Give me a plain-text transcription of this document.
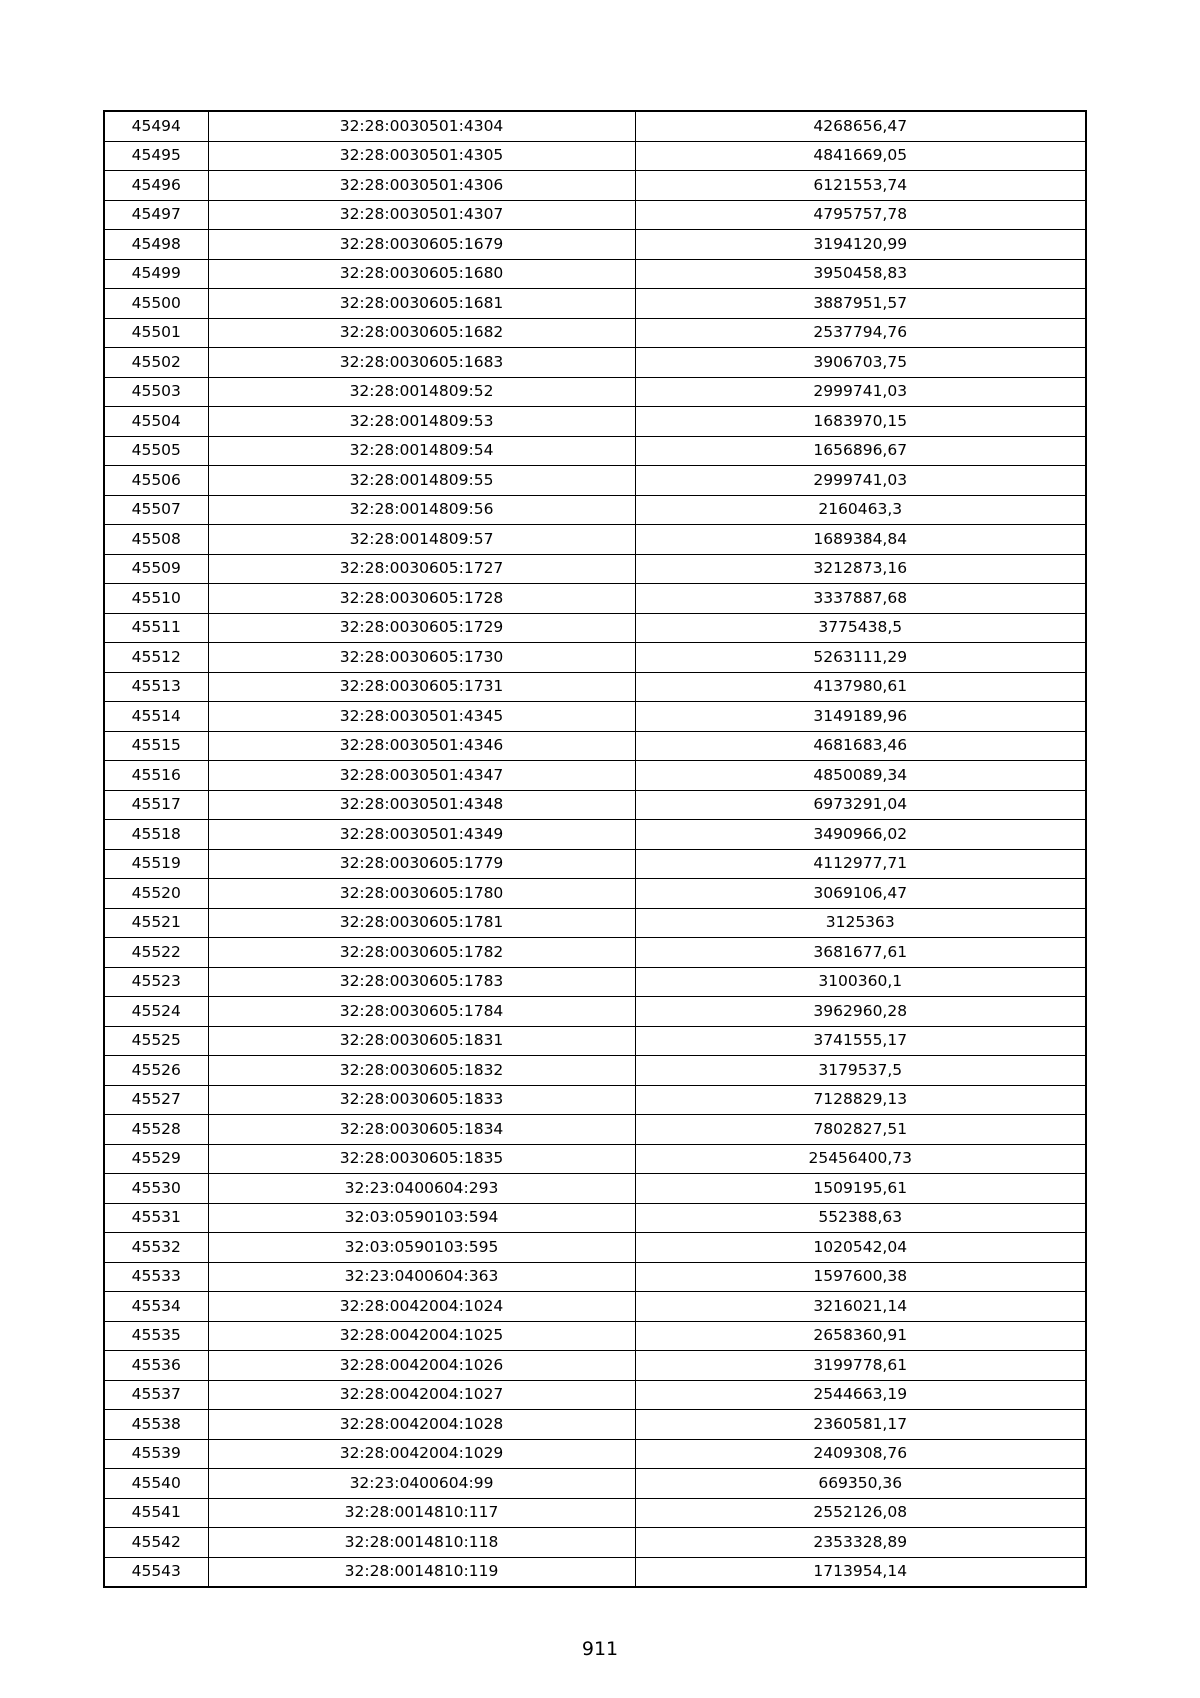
45494	32:28:0030501:4304	4268656,47
45495	32:28:0030501:4305	4841669,05
45496	32:28:0030501:4306	6121553,74
45497	32:28:0030501:4307	4795757,78
45498	32:28:0030605:1679	3194120,99
45499	32:28:0030605:1680	3950458,83
45500	32:28:0030605:1681	3887951,57
45501	32:28:0030605:1682	2537794,76
45502	32:28:0030605:1683	3906703,75
45503	32:28:0014809:52	2999741,03
45504	32:28:0014809:53	1683970,15
45505	32:28:0014809:54	1656896,67
45506	32:28:0014809:55	2999741,03
45507	32:28:0014809:56	2160463,3
45508	32:28:0014809:57	1689384,84
45509	32:28:0030605:1727	3212873,16
45510	32:28:0030605:1728	3337887,68
45511	32:28:0030605:1729	3775438,5
45512	32:28:0030605:1730	5263111,29
45513	32:28:0030605:1731	4137980,61
45514	32:28:0030501:4345	3149189,96
45515	32:28:0030501:4346	4681683,46
45516	32:28:0030501:4347	4850089,34
45517	32:28:0030501:4348	6973291,04
45518	32:28:0030501:4349	3490966,02
45519	32:28:0030605:1779	4112977,71
45520	32:28:0030605:1780	3069106,47
45521	32:28:0030605:1781	3125363
45522	32:28:0030605:1782	3681677,61
45523	32:28:0030605:1783	3100360,1
45524	32:28:0030605:1784	3962960,28
45525	32:28:0030605:1831	3741555,17
45526	32:28:0030605:1832	3179537,5
45527	32:28:0030605:1833	7128829,13
45528	32:28:0030605:1834	7802827,51
45529	32:28:0030605:1835	25456400,73
45530	32:23:0400604:293	1509195,61
45531	32:03:0590103:594	552388,63
45532	32:03:0590103:595	1020542,04
45533	32:23:0400604:363	1597600,38
45534	32:28:0042004:1024	3216021,14
45535	32:28:0042004:1025	2658360,91
45536	32:28:0042004:1026	3199778,61
45537	32:28:0042004:1027	2544663,19
45538	32:28:0042004:1028	2360581,17
45539	32:28:0042004:1029	2409308,76
45540	32:23:0400604:99	669350,36
45541	32:28:0014810:117	2552126,08
45542	32:28:0014810:118	2353328,89
45543	32:28:0014810:119	1713954,14
911
